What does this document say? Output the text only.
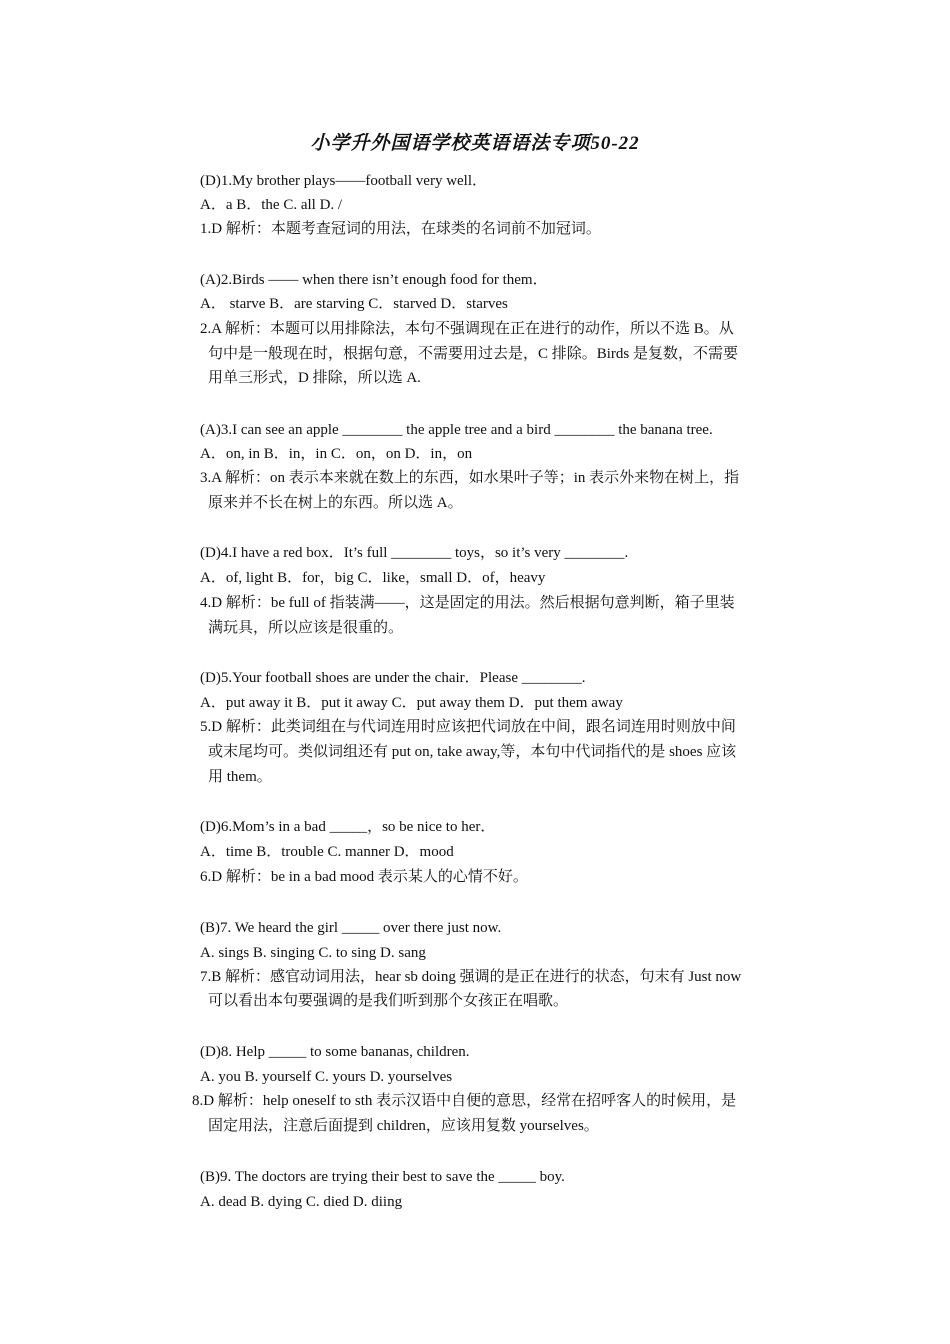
小学升外国语学校英语语法专项50-22
(D)1.My brother plays——football very well．
A．a B．the C. all D. /
1.D 解析：本题考查冠词的用法，在球类的名词前不加冠词。
(A)2.Birds —— when there isn’t enough food for them．
A． starve B．are starving C．starved D．starves
2.A 解析：本题可以用排除法，本句不强调现在正在进行的动作，所以不选 B。从
句中是一般现在时，根据句意，不需要用过去是，C 排除。Birds 是复数，不需要
用单三形式，D 排除，所以选 A.
(A)3.I can see an apple ________ the apple tree and a bird ________ the banana tree.
A．on, in B．in，in C．on，on D．in，on
3.A 解析：on 表示本来就在数上的东西，如水果叶子等；in 表示外来物在树上，指
原来并不长在树上的东西。所以选 A。
(D)4.I have a red box．It’s full ________ toys，so it’s very ________.
A．of, light B．for，big C．like，small D．of，heavy
4.D 解析：be full of 指装满——，这是固定的用法。然后根据句意判断，箱子里装
满玩具，所以应该是很重的。
(D)5.Your football shoes are under the chair．Please ________.
A．put away it B．put it away C．put away them D．put them away
5.D 解析：此类词组在与代词连用时应该把代词放在中间，跟名词连用时则放中间
或末尾均可。类似词组还有 put on, take away,等，本句中代词指代的是 shoes 应该
用 them。
(D)6.Mom’s in a bad _____，so be nice to her．
A．time B．trouble C. manner D．mood
6.D 解析：be in a bad mood 表示某人的心情不好。
(B)7. We heard the girl _____ over there just now.
A. sings B. singing C. to sing D. sang
7.B 解析：感官动词用法，hear sb doing 强调的是正在进行的状态，句末有 Just now
可以看出本句要强调的是我们听到那个女孩正在唱歌。
(D)8. Help _____ to some bananas, children.
A. you B. yourself C. yours D. yourselves
8.D 解析：help oneself to sth 表示汉语中自便的意思，经常在招呼客人的时候用，是
固定用法，注意后面提到 children，应该用复数 yourselves。
(B)9. The doctors are trying their best to save the _____ boy.
A. dead B. dying C. died D. diing
